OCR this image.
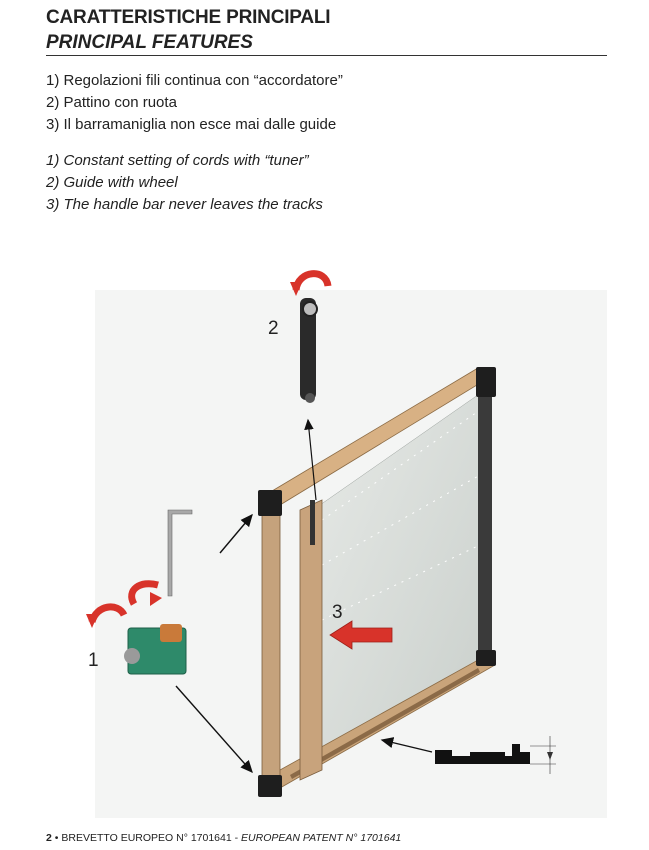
CARATTERISTICHE PRINCIPALI
PRINCIPAL FEATURES
1) Regolazioni fili continua con “accordatore”
2) Pattino con ruota
3) Il barramaniglia non esce mai dalle guide
1) Constant setting of cords with “tuner”
2) Guide with wheel
3) The handle bar never leaves the tracks
1
2
3
2 • BREVETTO EUROPEO N° 1701641 - EUROPEAN PATENT N° 1701641
